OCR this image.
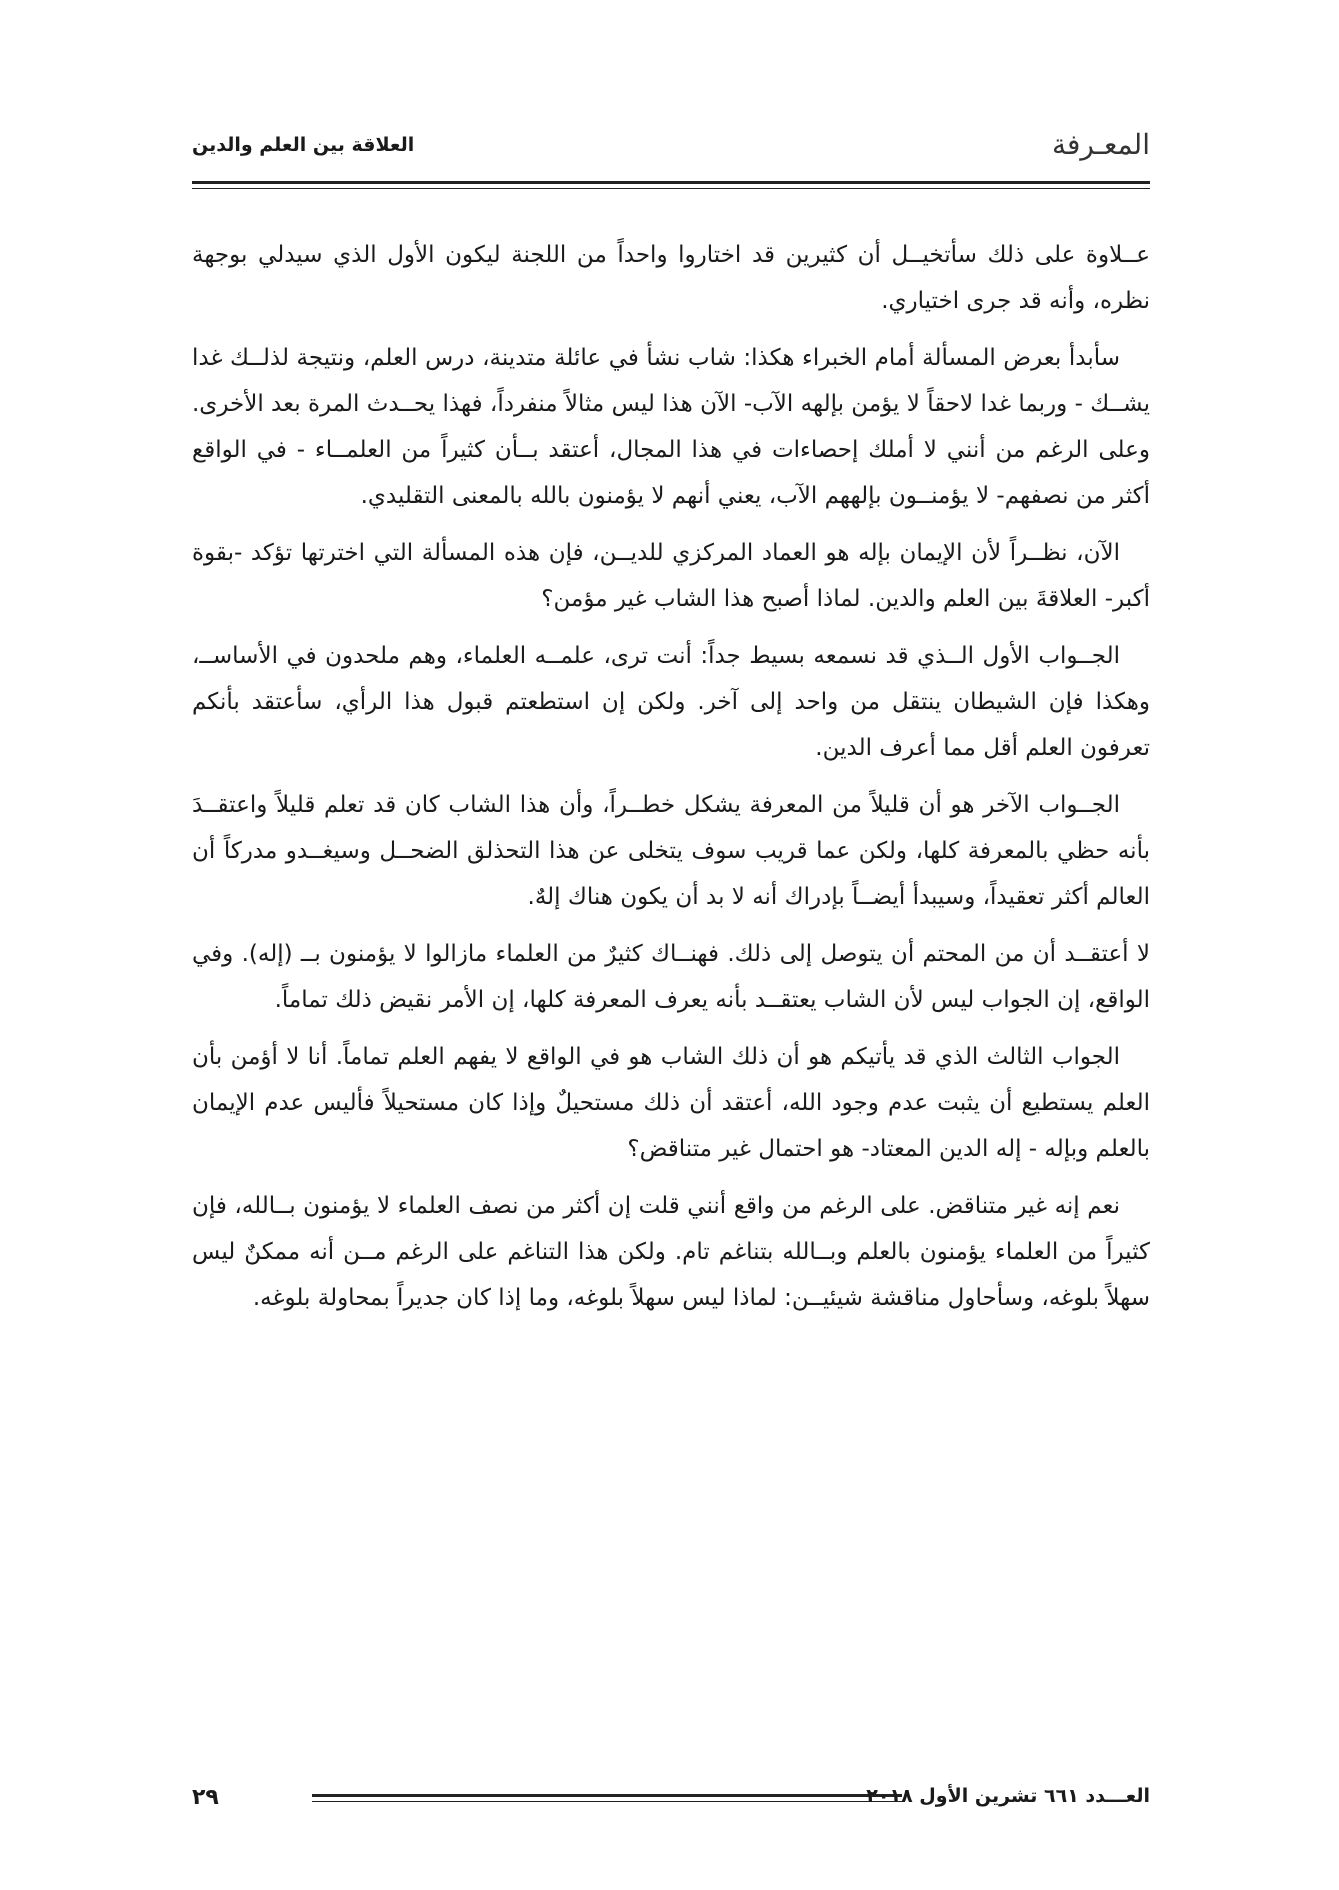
العلاقة بين العلم والدين	المعـرفة

عــلاوة على ذلك سأتخيــل أن كثيرين قد اختاروا واحداً من اللجنة ليكون الأول الذي سيدلي بوجهة نظره، وأنه قد جرى اختياري.

سأبدأ بعرض المسألة أمام الخبراء هكذا: شاب نشأ في عائلة متدينة، درس العلم، ونتيجة لذلــك غدا يشــك - وربما غدا لاحقاً لا يؤمن بإلهه الآب- الآن هذا ليس مثالاً منفرداً، فهذا يحــدث المرة بعد الأخرى. وعلى الرغم من أنني لا أملك إحصاءات في هذا المجال، أعتقد بــأن كثيراً من العلمــاء - في الواقع أكثر من نصفهم- لا يؤمنــون بإلههم الآب، يعني أنهم لا يؤمنون بالله بالمعنى التقليدي.

الآن، نظــراً لأن الإيمان بإله هو العماد المركزي للديــن، فإن هذه المسألة التي اخترتها تؤكد -بقوة أكبر- العلاقةَ بين العلم والدين. لماذا أصبح هذا الشاب غير مؤمن؟

الجــواب الأول الــذي قد نسمعه بسيط جداً: أنت ترى، علمــه العلماء، وهم ملحدون في الأساســ، وهكذا فإن الشيطان ينتقل من واحد إلى آخر. ولكن إن استطعتم قبول هذا الرأي، سأعتقد بأنكم تعرفون العلم أقل مما أعرف الدين.

الجــواب الآخر هو أن قليلاً من المعرفة يشكل خطــراً، وأن هذا الشاب كان قد تعلم قليلاً واعتقــدَ بأنه حظي بالمعرفة كلها، ولكن عما قريب سوف يتخلى عن هذا التحذلق الضحــل وسيغــدو مدركاً أن العالم أكثر تعقيداً، وسيبدأ أيضــاً بإدراك أنه لا بد أن يكون هناك إلهٌ.

لا أعتقــد أن من المحتم أن يتوصل إلى ذلك. فهنــاك كثيرٌ من العلماء مازالوا لا يؤمنون بــ (إله). وفي الواقع، إن الجواب ليس لأن الشاب يعتقــد بأنه يعرف المعرفة كلها، إن الأمر نقيض ذلك تماماً.

الجواب الثالث الذي قد يأتيكم هو أن ذلك الشاب هو في الواقع لا يفهم العلم تماماً. أنا لا أؤمن بأن العلم يستطيع أن يثبت عدم وجود الله، أعتقد أن ذلك مستحيلٌ وإذا كان مستحيلاً فأليس عدم الإيمان بالعلم وبإله - إله الدين المعتاد- هو احتمال غير متناقض؟

نعم إنه غير متناقض. على الرغم من واقع أنني قلت إن أكثر من نصف العلماء لا يؤمنون بــالله، فإن كثيراً من العلماء يؤمنون بالعلم وبــالله بتناغم تام. ولكن هذا التناغم على الرغم مــن أنه ممكنٌ ليس سهلاً بلوغه، وسأحاول مناقشة شيئيــن: لماذا ليس سهلاً بلوغه، وما إذا كان جديراً بمحاولة بلوغه.

٢٩	العـــدد ٦٦١ تشرين الأول ٢٠١٨
